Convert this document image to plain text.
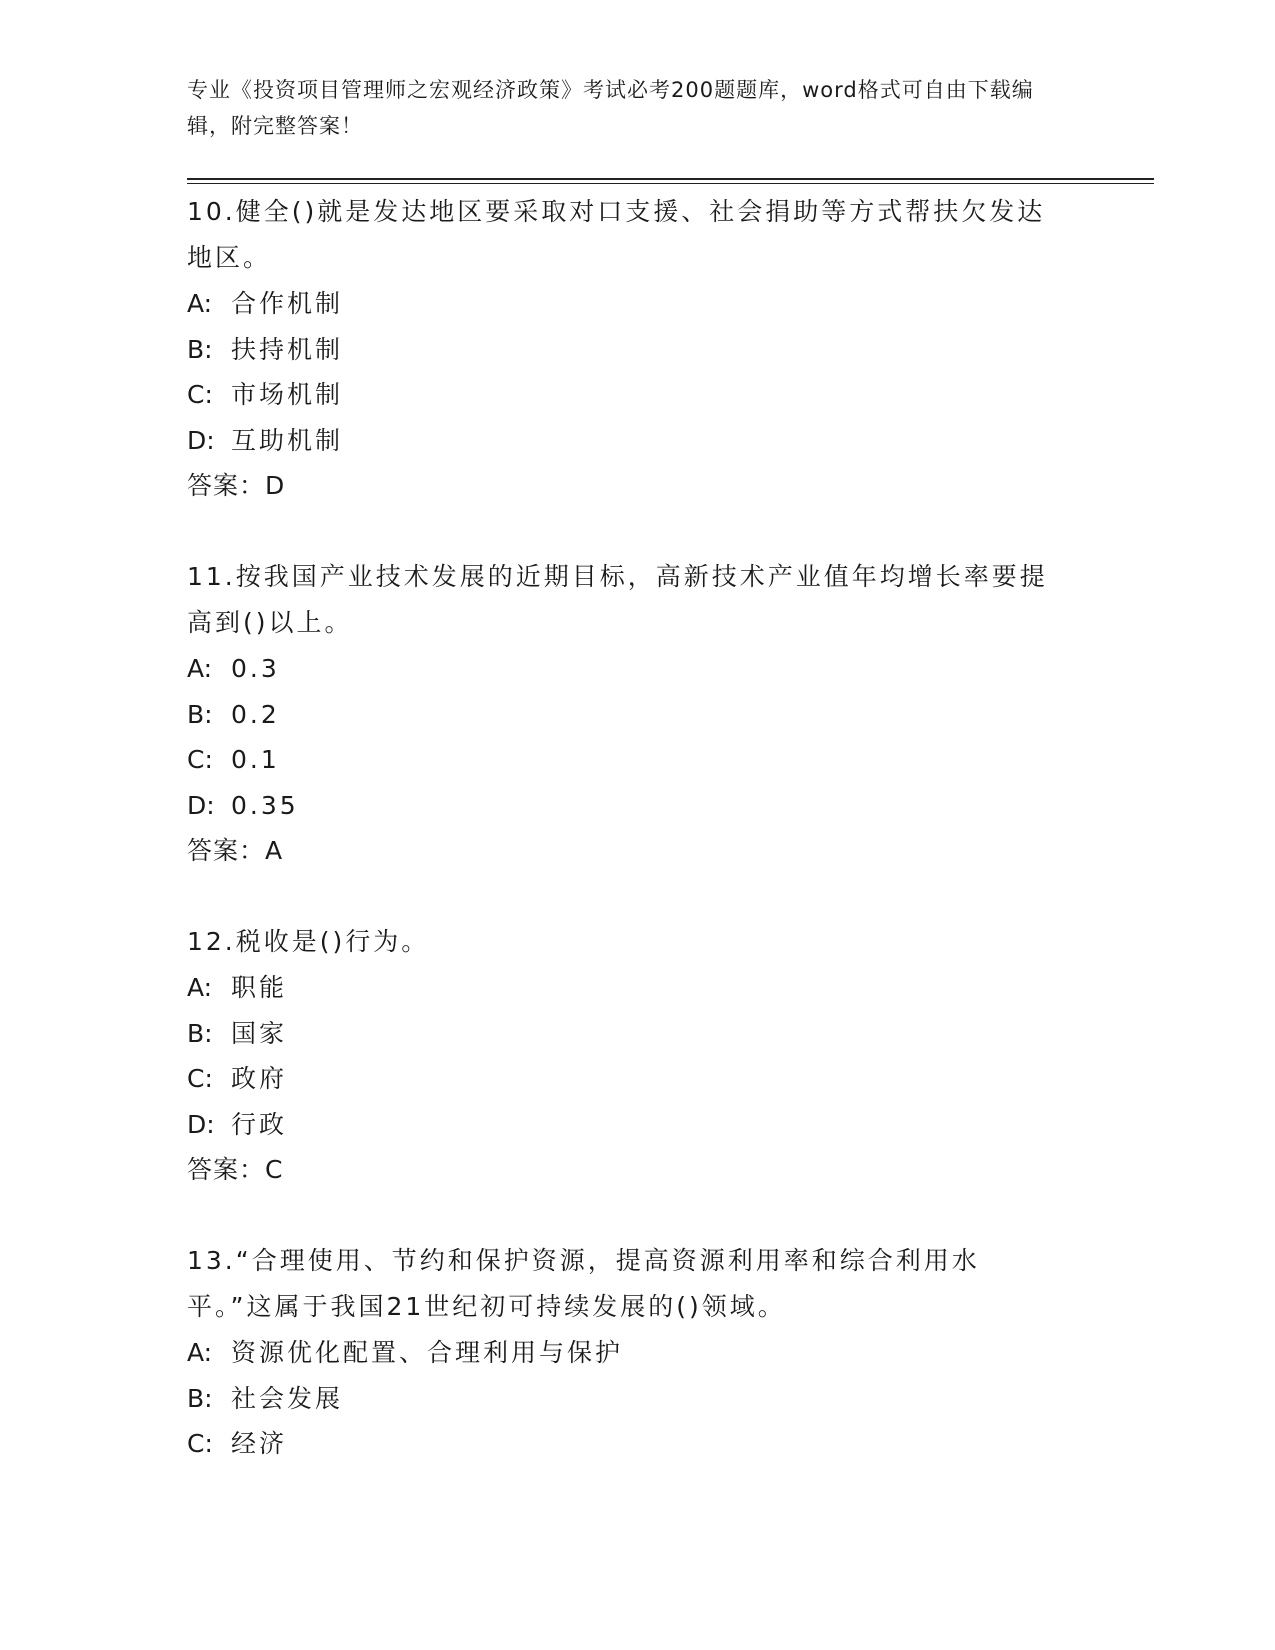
专业《投资项目管理师之宏观经济政策》考试必考200题题库，word格式可自由下载编辑，附完整答案！

10.健全()就是发达地区要采取对口支援、社会捐助等方式帮扶欠发达地区。

A: 合作机制

B: 扶持机制

C: 市场机制

D: 互助机制

答案：D

11.按我国产业技术发展的近期目标，高新技术产业值年均增长率要提高到()以上。

A: 0.3

B: 0.2

C: 0.1

D: 0.35

答案：A

12.税收是()行为。

A: 职能

B: 国家

C: 政府

D: 行政

答案：C

13.“合理使用、节约和保护资源，提高资源利用率和综合利用水平。”这属于我国21世纪初可持续发展的()领域。

A: 资源优化配置、合理利用与保护

B: 社会发展

C: 经济
